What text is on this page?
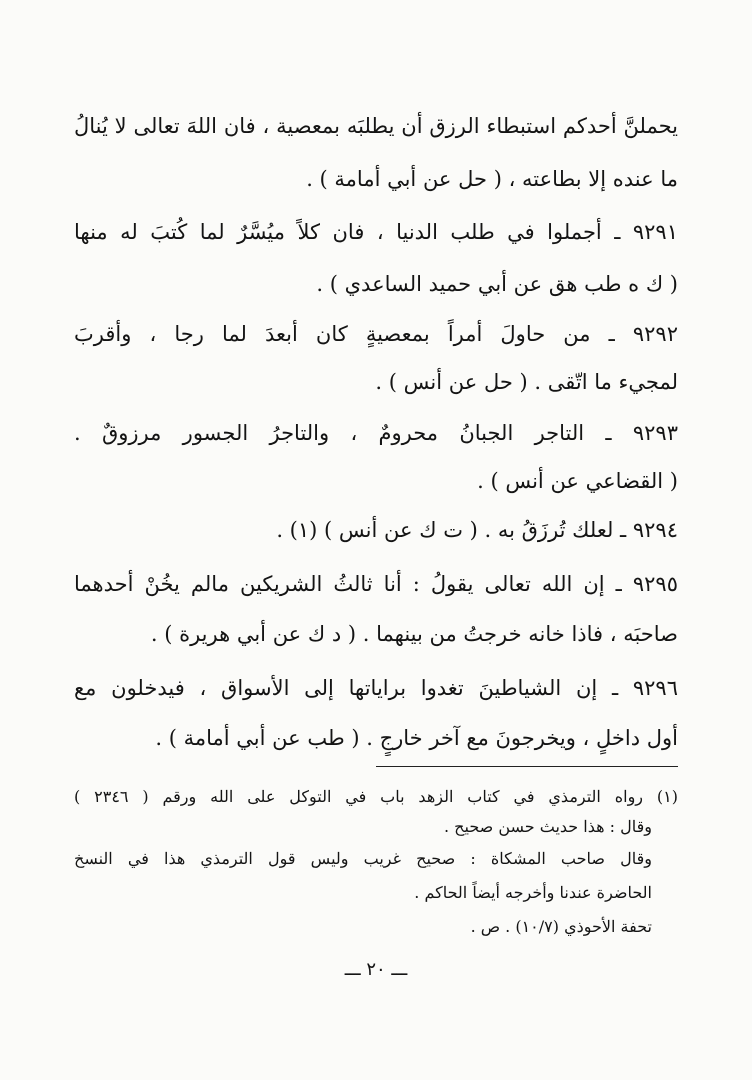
يحملنَّ أحدكم استبطاء الرزق أن يطلبَه بمعصية ، فان اللهَ تعالى لا يُنالُ
ما عنده إلا بطاعته ، ( حل عن أبي أمامة ) .
٩٢٩١ ـ أجملوا في طلب الدنيا ، فان كلاً ميُسَّرٌ لما كُتبَ له منها
( ك ه طب هق عن أبي حميد الساعدي ) .
٩٢٩٢ ـ من حاولَ أمراً بمعصيةٍ كان أبعدَ لما رجا ، وأقربَ
لمجيء ما اتّقى . ( حل عن أنس ) .
٩٢٩٣ ـ التاجر الجبانُ محرومٌ ، والتاجرُ الجسور مرزوقٌ .
( القضاعي عن أنس ) .
٩٢٩٤ ـ لعلك تُرزَقُ به . ( ت ك عن أنس ) (١) .
٩٢٩٥ ـ إن الله تعالى يقولُ : أنا ثالثُ الشريكين مالم يخُنْ أحدهما
صاحبَه ، فاذا خانه خرجتُ من بينهما . ( د ك عن أبي هريرة ) .
٩٢٩٦ ـ إن الشياطينَ تغدوا براياتها إلى الأسواق ، فيدخلون مع
أول داخلٍ ، ويخرجونَ مع آخر خارجٍ . ( طب عن أبي أمامة ) .
(١) رواه الترمذي في كتاب الزهد باب في التوكل على الله ورقم ( ٢٣٤٦ )
وقال : هذا حديث حسن صحيح .
وقال صاحب المشكاة : صحيح غريب وليس قول الترمذي هذا في النسخ
الحاضرة عندنا وأخرجه أيضاً الحاكم .
تحفة الأحوذي (١٠/٧) . ص .
ـــ ٢٠ ـــ
